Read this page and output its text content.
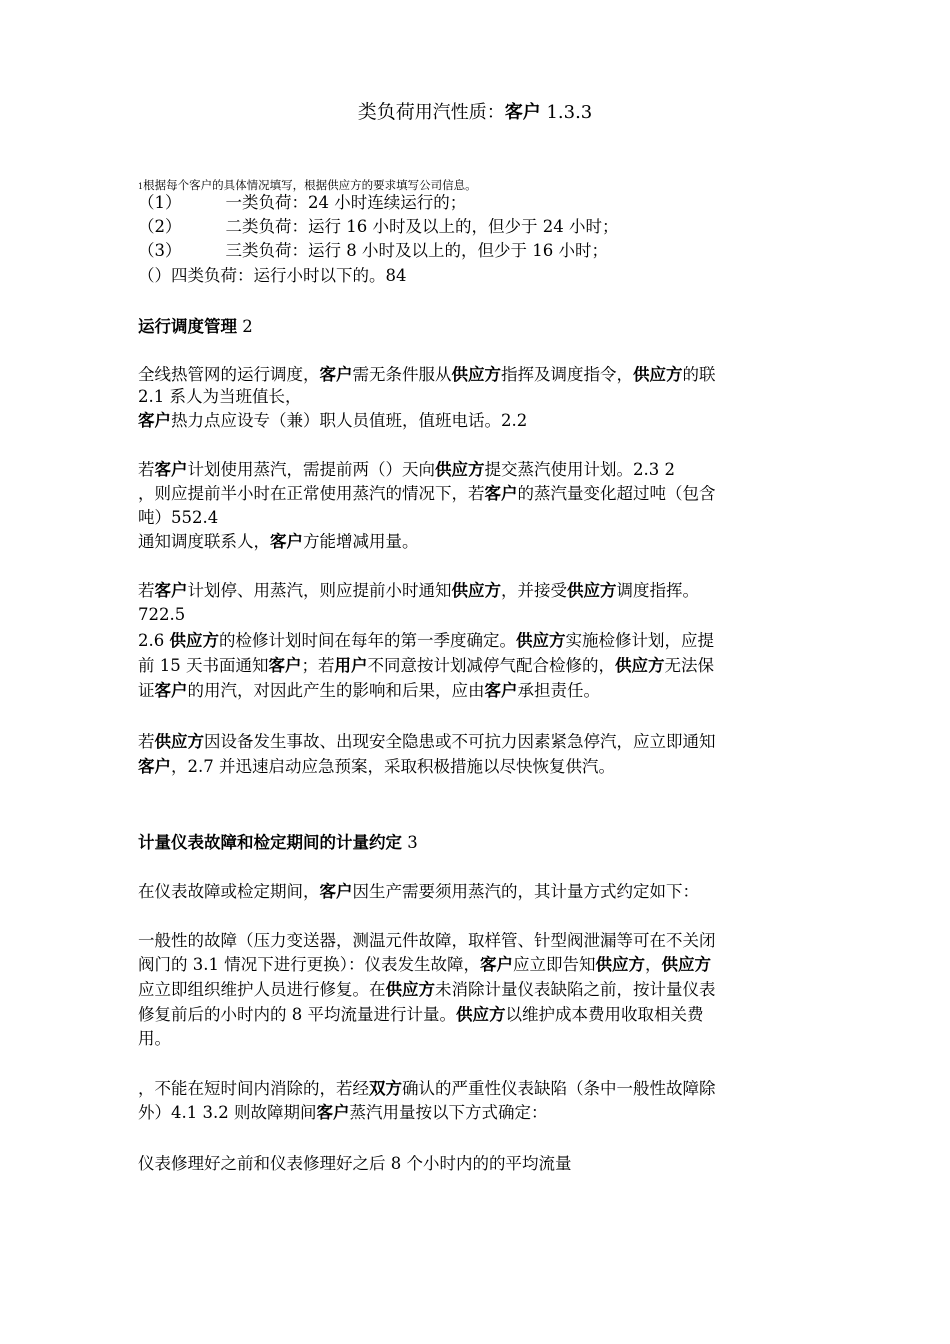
类负荷用汽性质：客户 1.3.3
1根据每个客户的具体情况填写，根据供应方的要求填写公司信息。
（1）	一类负荷：24 小时连续运行的；
（2）	二类负荷：运行 16 小时及以上的，但少于 24 小时；
（3）	三类负荷：运行 8 小时及以上的，但少于 16 小时；
（）四类负荷：运行小时以下的。84
运行调度管理 2
全线热管网的运行调度，客户需无条件服从供应方指挥及调度指令，供应方的联
2.1 系人为当班值长，
客户热力点应设专（兼）职人员值班，值班电话。2.2
若客户计划使用蒸汽，需提前两（）天向供应方提交蒸汽使用计划。2.3 2
，则应提前半小时在正常使用蒸汽的情况下，若客户的蒸汽量变化超过吨（包含
吨）552.4
通知调度联系人，客户方能增减用量。
若客户计划停、用蒸汽，则应提前小时通知供应方，并接受供应方调度指挥。
722.5
2.6 供应方的检修计划时间在每年的第一季度确定。供应方实施检修计划，应提
前 15 天书面通知客户；若用户不同意按计划减停气配合检修的，供应方无法保
证客户的用汽，对因此产生的影响和后果，应由客户承担责任。
若供应方因设备发生事故、出现安全隐患或不可抗力因素紧急停汽，应立即通知
客户，2.7 并迅速启动应急预案，采取积极措施以尽快恢复供汽。
计量仪表故障和检定期间的计量约定 3
在仪表故障或检定期间，客户因生产需要须用蒸汽的，其计量方式约定如下：
一般性的故障（压力变送器，测温元件故障，取样管、针型阀泄漏等可在不关闭
阀门的 3.1 情况下进行更换）：仪表发生故障，客户应立即告知供应方，供应方
应立即组织维护人员进行修复。在供应方未消除计量仪表缺陷之前，按计量仪表
修复前后的小时内的 8 平均流量进行计量。供应方以维护成本费用收取相关费
用。
，不能在短时间内消除的，若经双方确认的严重性仪表缺陷（条中一般性故障除
外）4.1 3.2 则故障期间客户蒸汽用量按以下方式确定：
仪表修理好之前和仪表修理好之后 8 个小时内的的平均流量
